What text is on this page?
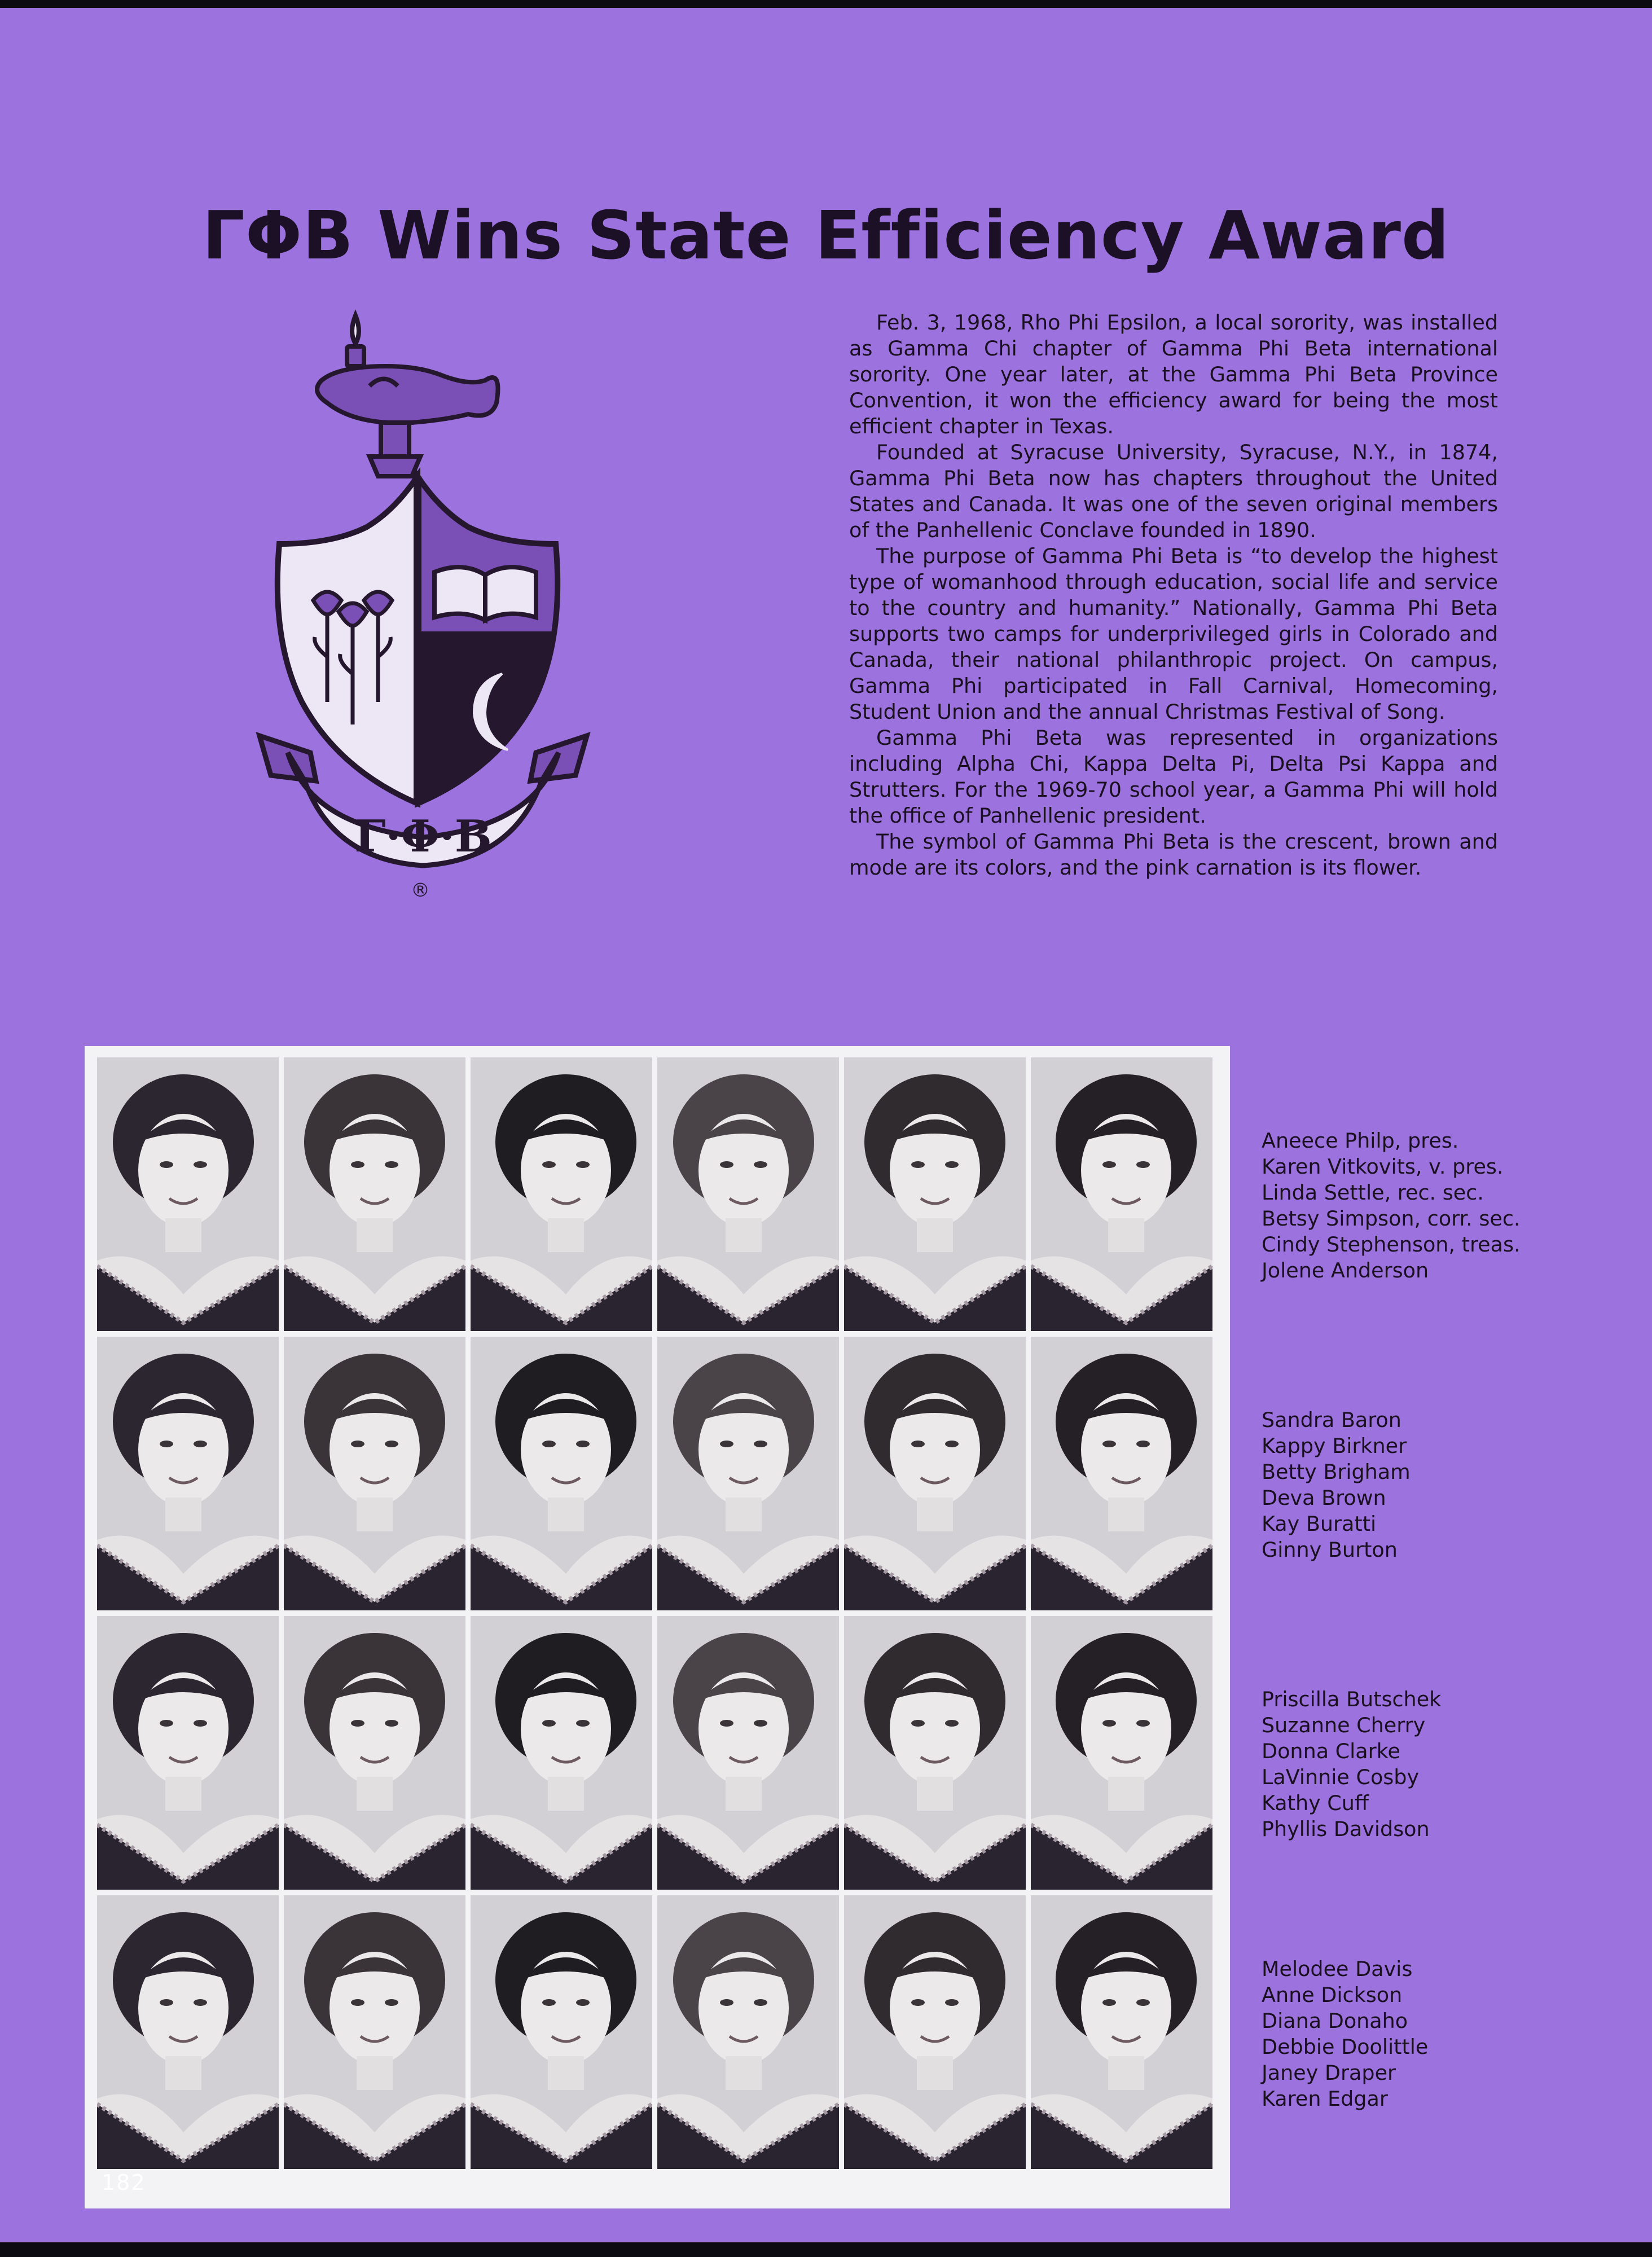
ΓΦΒ Wins State Efficiency Award
Γ·Φ·Β
®

Feb. 3, 1968, Rho Phi Epsilon, a local sorority, was installed as Gamma Chi chapter of Gamma Phi Beta international sorority. One year later, at the Gamma Phi Beta Province Convention, it won the efficiency award for being the most efficient chapter in Texas.

Founded at Syracuse University, Syracuse, N.Y., in 1874, Gamma Phi Beta now has chapters throughout the United States and Canada. It was one of the seven original members of the Panhellenic Conclave founded in 1890.

The purpose of Gamma Phi Beta is “to develop the highest type of womanhood through education, social life and service to the country and humanity.” Nationally, Gamma Phi Beta supports two camps for underprivileged girls in Colorado and Canada, their national philanthropic project. On campus, Gamma Phi participated in Fall Carnival, Homecoming, Student Union and the annual Christmas Festival of Song.

Gamma Phi Beta was represented in organizations including Alpha Chi, Kappa Delta Pi, Delta Psi Kappa and Strutters. For the 1969-70 school year, a Gamma Phi will hold the office of Panhellenic president.

The symbol of Gamma Phi Beta is the crescent, brown and mode are its colors, and the pink carnation is its flower.

182
Aneece Philp, pres.
Karen Vitkovits, v. pres.
Linda Settle, rec. sec.
Betsy Simpson, corr. sec.
Cindy Stephenson, treas.
Jolene Anderson
Sandra Baron
Kappy Birkner
Betty Brigham
Deva Brown
Kay Buratti
Ginny Burton
Priscilla Butschek
Suzanne Cherry
Donna Clarke
LaVinnie Cosby
Kathy Cuff
Phyllis Davidson
Melodee Davis
Anne Dickson
Diana Donaho
Debbie Doolittle
Janey Draper
Karen Edgar
